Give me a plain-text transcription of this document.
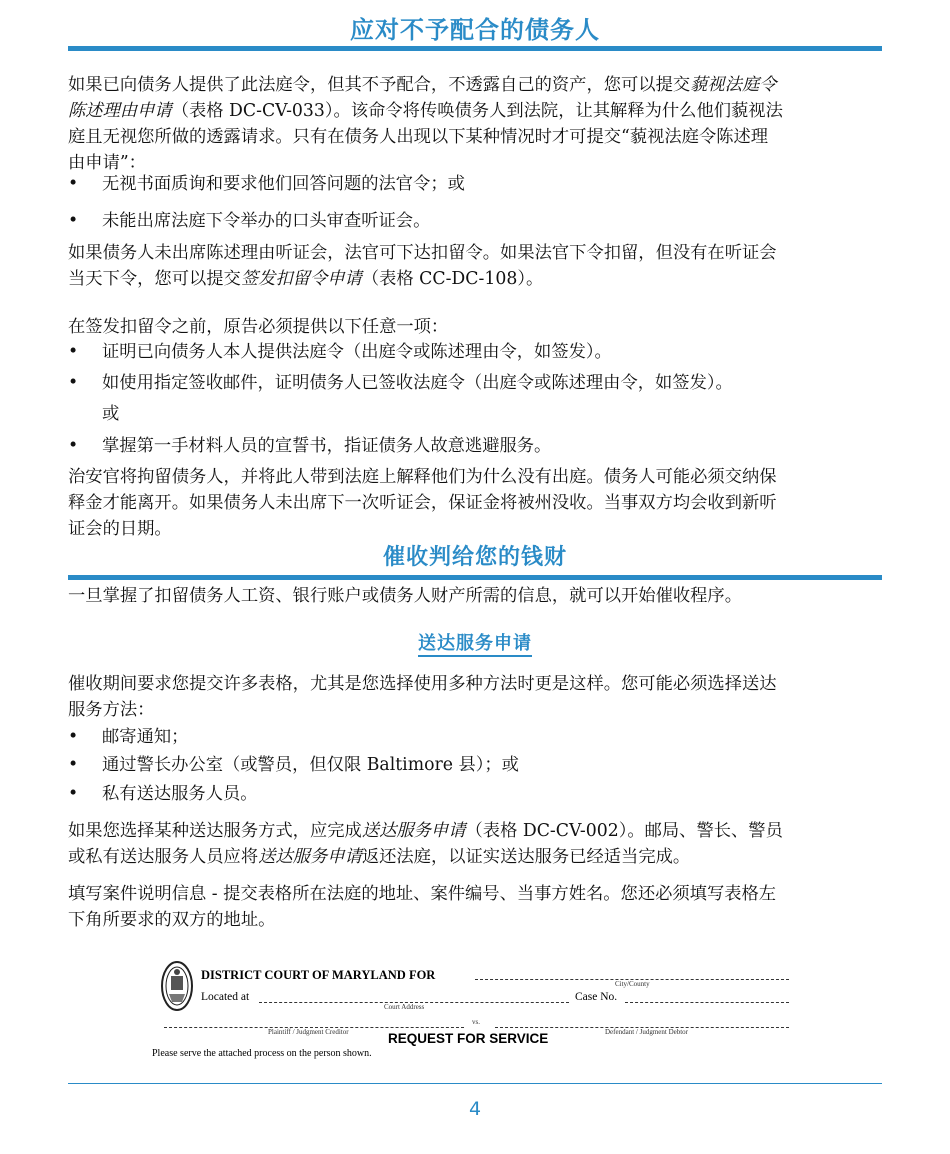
应对不予配合的债务人
如果已向债务人提供了此法庭令，但其不予配合，不透露自己的资产，您可以提交藐视法庭令
陈述理由申请（表格 DC-CV-033）。该命令将传唤债务人到法院，让其解释为什么他们藐视法
庭且无视您所做的透露请求。只有在债务人出现以下某种情况时才可提交“藐视法庭令陈述理
由申请”：
• 无视书面质询和要求他们回答问题的法官令；或
• 未能出席法庭下令举办的口头审查听证会。
如果债务人未出席陈述理由听证会，法官可下达扣留令。如果法官下令扣留，但没有在听证会
当天下令，您可以提交签发扣留令申请（表格 CC-DC-108）。
在签发扣留令之前，原告必须提供以下任意一项：
• 证明已向债务人本人提供法庭令（出庭令或陈述理由令，如签发）。
• 如使用指定签收邮件，证明债务人已签收法庭令（出庭令或陈述理由令，如签发）。
或
• 掌握第一手材料人员的宣誓书，指证债务人故意逃避服务。
治安官将拘留债务人，并将此人带到法庭上解释他们为什么没有出庭。债务人可能必须交纳保
释金才能离开。如果债务人未出席下一次听证会，保证金将被州没收。当事双方均会收到新听
证会的日期。
催收判给您的钱财
一旦掌握了扣留债务人工资、银行账户或债务人财产所需的信息，就可以开始催收程序。
送达服务申请
催收期间要求您提交许多表格，尤其是您选择使用多种方法时更是这样。您可能必须选择送达
服务方法：
• 邮寄通知；
• 通过警长办公室（或警员，但仅限 Baltimore 县）；或
• 私有送达服务人员。
如果您选择某种送达服务方式，应完成送达服务申请（表格 DC-CV-002）。邮局、警长、警员
或私有送达服务人员应将送达服务申请返还法庭，以证实送达服务已经适当完成。
填写案件说明信息 - 提交表格所在法庭的地址、案件编号、当事方姓名。您还必须填写表格左
下角所要求的双方的地址。
DISTRICT COURT OF MARYLAND FOR
City/County
Located at
Court Address
Case No.
Plaintiff / Judgment Creditor
vs.
Defendant / Judgment Debtor
REQUEST FOR SERVICE
Please serve the attached process on the person shown.
4
